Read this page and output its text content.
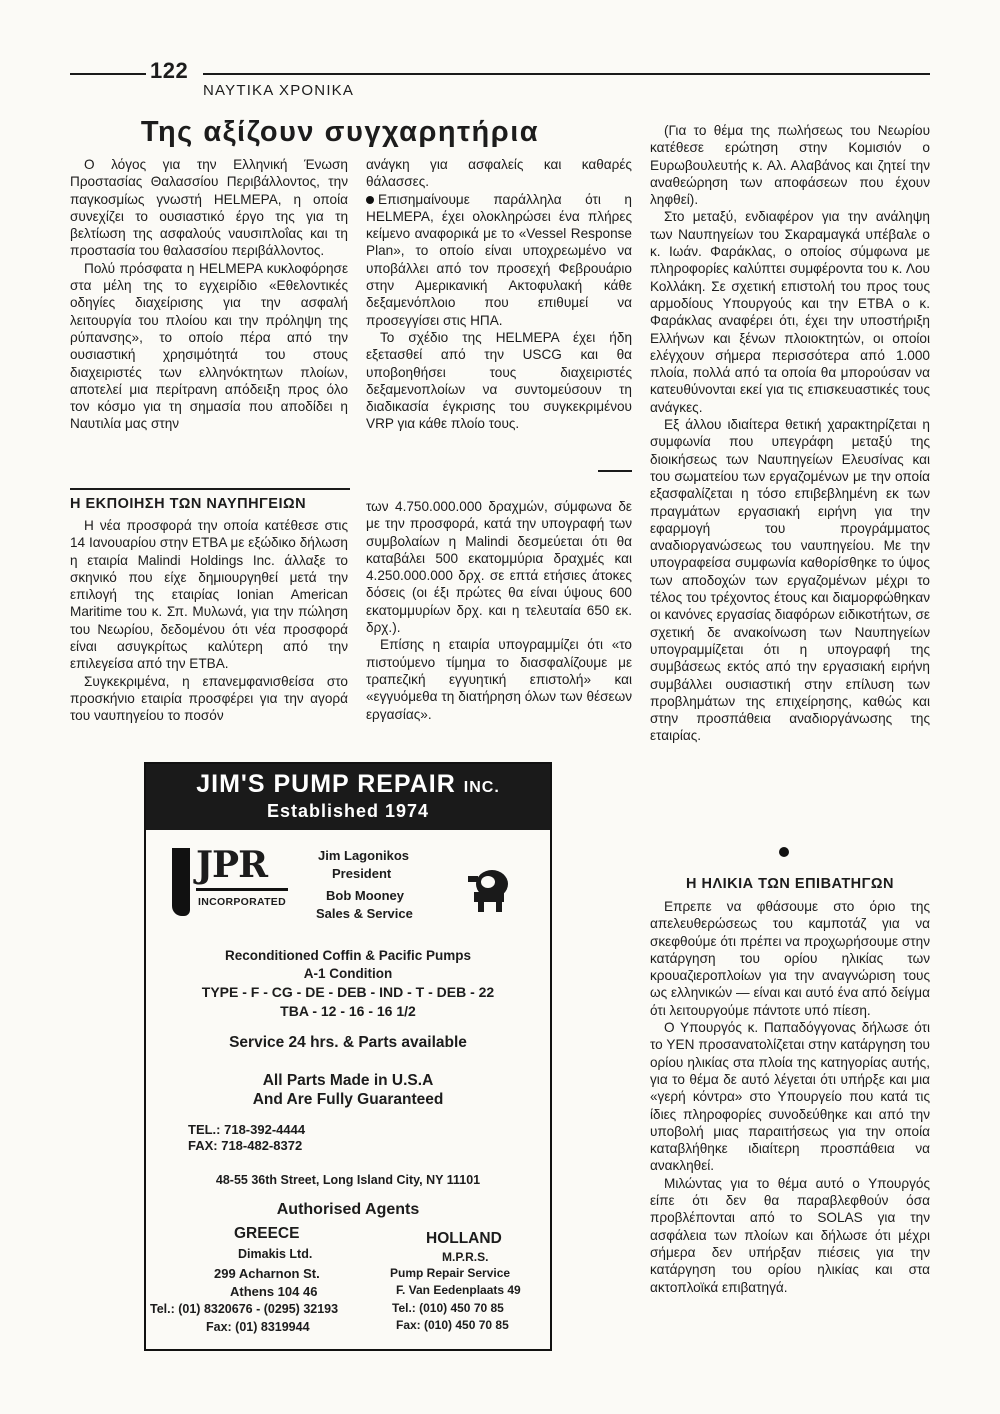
122
ΝΑΥΤΙΚΑ ΧΡΟΝΙΚΑ
Της αξίζουν συγχαρητήρια

Ο λόγος για την Ελληνική Ένωση Προστασίας Θαλασσίου Περιβάλλοντος, την παγκοσμίως γνωστή HELMEPA, η οποία συνεχίζει το ουσιαστικό έργο της για τη βελτίωση της ασφαλούς ναυσιπλοΐας και τη προστασία του θαλασσίου περιβάλλοντος.

Πολύ πρόσφατα η HELMEPA κυκλοφόρησε στα μέλη της το εγχειρίδιο «Εθελοντικές οδηγίες διαχείρισης για την ασφαλή λειτουργία του πλοίου και την πρόληψη της ρύπανσης», το οποίο πέρα από την ουσιαστική χρησιμότητά του στους διαχειριστές των ελληνόκτητων πλοίων, αποτελεί μια περίτρανη απόδειξη προς όλο τον κόσμο για τη σημασία που αποδίδει η Ναυτιλία μας στην

ανάγκη για ασφαλείς και καθαρές θάλασσες.

Επισημαίνουμε παράλληλα ότι η HELMEPA, έχει ολοκληρώσει ένα πλήρες κείμενο αναφορικά με το «Vessel Response Plan», το οποίο είναι υποχρεωμένο να υποβάλλει από τον προσεχή Φεβρουάριο στην Αμερικανική Ακτοφυλακή κάθε δεξαμενόπλοιο που επιθυμεί να προσεγγίσει στις ΗΠΑ.

Το σχέδιο της HELMEPA έχει ήδη εξετασθεί από την USCG και θα υποβοηθήσει τους διαχειριστές δεξαμενοπλοίων να συντομεύσουν τη διαδικασία έγκρισης του συγκεκριμένου VRP για κάθε πλοίο τους.

Η ΕΚΠΟΙΗΣΗ ΤΩΝ ΝΑΥΠΗΓΕΙΩΝ

Η νέα προσφορά την οποία κατέθεσε στις 14 Ιανουαρίου στην ΕΤΒΑ με εξώδικο δήλωση η εταιρία Malindi Holdings Inc. άλλαξε το σκηνικό που είχε δημιουργηθεί μετά την επιλογή της εταιρίας Ionian American Maritime του κ. Σπ. Μυλωνά, για την πώληση του Νεωρίου, δεδομένου ότι νέα προσφορά είναι ασυγκρίτως καλύτερη από την επιλεγείσα από την ΕΤΒΑ.

Συγκεκριμένα, η επανεμφανισθείσα στο προσκήνιο εταιρία προσφέρει για την αγορά του ναυπηγείου το ποσόν

των 4.750.000.000 δραχμών, σύμφωνα δε με την προσφορά, κατά την υπογραφή των συμβολαίων η Malindi δεσμεύεται ότι θα καταβάλει 500 εκατομμύρια δραχμές και 4.250.000.000 δρχ. σε επτά ετήσιες άτοκες δόσεις (οι έξι πρώτες θα είναι ύψους 600 εκατομμυρίων δρχ. και η τελευταία 650 εκ. δρχ.).

Επίσης η εταιρία υπογραμμίζει ότι «το πιστούμενο τίμημα το διασφαλίζουμε με τραπεζική εγγυητική επιστολή» και «εγγυόμεθα τη διατήρηση όλων των θέσεων εργασίας».

(Για το θέμα της πωλήσεως του Νεωρίου κατέθεσε ερώτηση στην Κομισιόν ο Ευρωβουλευτής κ. Αλ. Αλαβάνος και ζητεί την αναθεώρηση των αποφάσεων που έχουν ληφθεί).

Στο μεταξύ, ενδιαφέρον για την ανάληψη των Ναυπηγείων του Σκαραμαγκά υπέβαλε ο κ. Ιωάν. Φαράκλας, ο οποίος σύμφωνα με πληροφορίες καλύπτει συμφέροντα του κ. Λου Κολλάκη. Σε σχετική επιστολή του προς τους αρμοδίους Υπουργούς και την ΕΤΒΑ ο κ. Φαράκλας αναφέρει ότι, έχει την υποστήριξη Ελλήνων και ξένων πλοιοκτητών, οι οποίοι ελέγχουν σήμερα περισσότερα από 1.000 πλοία, πολλά από τα οποία θα μπορούσαν να κατευθύνονται εκεί για τις επισκευαστικές τους ανάγκες.

Εξ άλλου ιδιαίτερα θετική χαρακτηρίζεται η συμφωνία που υπεγράφη μεταξύ της διοικήσεως των Ναυπηγείων Ελευσίνας και του σωματείου των εργαζομένων με την οποία εξασφαλίζεται η τόσο επιβεβλημένη εκ των πραγμάτων εργασιακή ειρήνη για την εφαρμογή του προγράμματος αναδιοργανώσεως του ναυπηγείου. Με την υπογραφείσα συμφωνία καθορίσθηκε το ύψος των αποδοχών των εργαζομένων μέχρι το τέλος του τρέχοντος έτους και διαμορφώθηκαν οι κανόνες εργασίας διαφόρων ειδικοτήτων, σε σχετική δε ανακοίνωση των Ναυπηγείων υπογραμμίζεται ότι η υπογραφή της συμβάσεως εκτός από την εργασιακή ειρήνη συμβάλλει ουσιαστική στην επίλυση των προβλημάτων της επιχείρησης, καθώς και στην προσπάθεια αναδιοργάνωσης της εταιρίας.

Η ΗΛΙΚΙΑ ΤΩΝ ΕΠΙΒΑΤΗΓΩΝ

Επρεπε να φθάσουμε στο όριο της απελευθερώσεως του καμποτάζ για να σκεφθούμε ότι πρέπει να προχωρήσουμε στην κατάργηση του ορίου ηλικίας των κρουαζιεροπλοίων για την αναγνώριση τους ως ελληνικών — είναι και αυτό ένα από δείγμα ότι λειτουργούμε πάντοτε υπό πίεση.

Ο Υπουργός κ. Παπαδόγγονας δήλωσε ότι το ΥΕΝ προσανατολίζεται στην κατάργηση του ορίου ηλικίας στα πλοία της κατηγορίας αυτής, για το θέμα δε αυτό λέγεται ότι υπήρξε και μια «γερή κόντρα» στο Υπουργείο που κατά τις ίδιες πληροφορίες συνοδεύθηκε και από την υποβολή μιας παραιτήσεως για την οποία καταβλήθηκε ιδιαίτερη προσπάθεια να ανακληθεί.

Μιλώντας για το θέμα αυτό ο Υπουργός είπε ότι δεν θα παραβλεφθούν όσα προβλέπονται από το SOLAS για την ασφάλεια των πλοίων και δήλωσε ότι μέχρι σήμερα δεν υπήρξαν πιέσεις για την κατάργηση του ορίου ηλικίας και στα ακτοπλοϊκά επιβατηγά.

JIM'S PUMP REPAIR INC.
Established 1974
JPR
INCORPORATED
Jim Lagonikos
President
Bob Mooney
Sales & Service
Reconditioned Coffin & Pacific Pumps
A-1 Condition
TYPE - F - CG - DE - DEB - IND - T - DEB - 22
TBA - 12 - 16 - 16 1/2
Service 24 hrs. & Parts available
All Parts Made in U.S.A
And Are Fully Guaranteed
TEL.: 718-392-4444
FAX: 718-482-8372
48-55 36th Street, Long Island City, NY 11101
Authorised Agents
GREECE
Dimakis Ltd.
299 Acharnon St.
Athens 104 46
Tel.: (01) 8320676 - (0295) 32193
Fax: (01) 8319944
HOLLAND
M.P.R.S.
Pump Repair Service
F. Van Eedenplaats 49
Tel.: (010) 450 70 85
Fax: (010) 450 70 85
